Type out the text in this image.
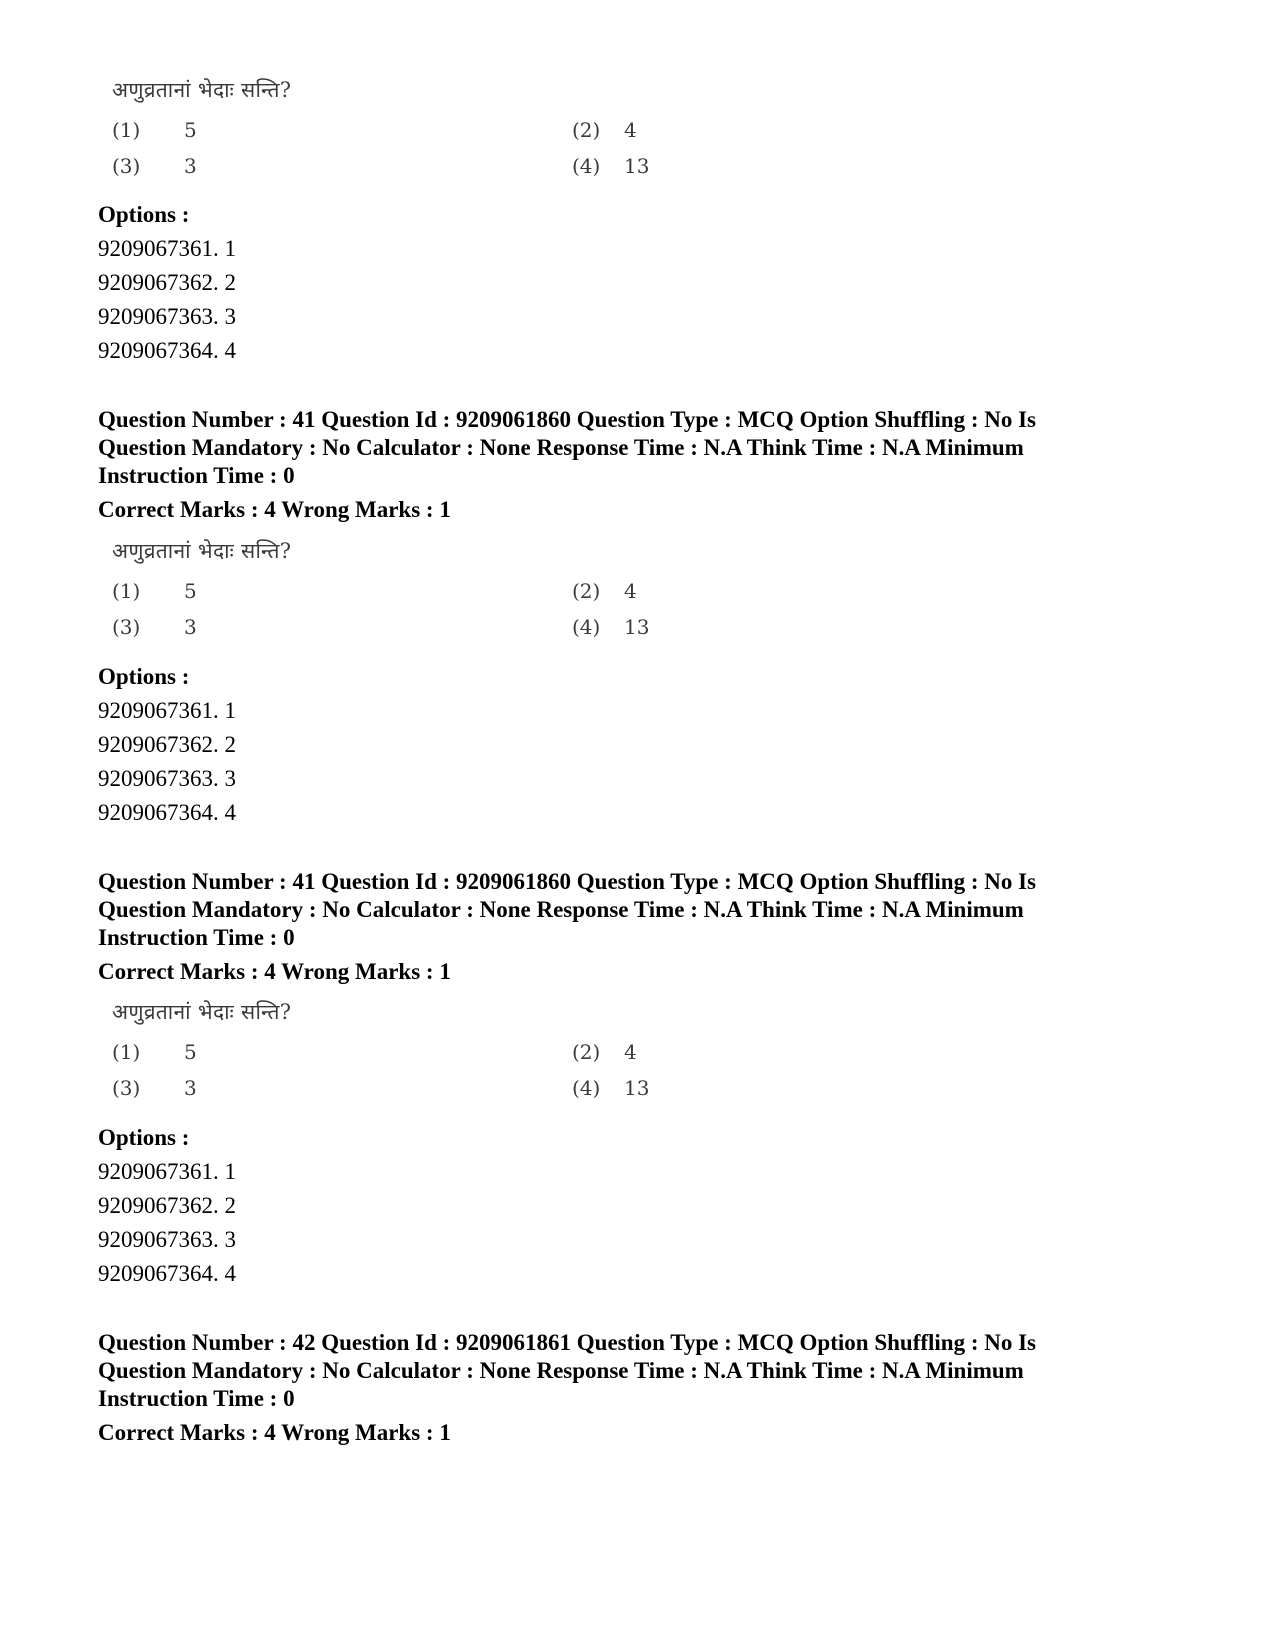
अणुव्रतानां भेदाः सन्ति?
(1) 5	(2) 4
(3) 3	(4) 13
Options :
9209067361. 1
9209067362. 2
9209067363. 3
9209067364. 4
Question Number : 41 Question Id : 9209061860 Question Type : MCQ Option Shuffling : No Is
Question Mandatory : No Calculator : None Response Time : N.A Think Time : N.A Minimum
Instruction Time : 0
Correct Marks : 4 Wrong Marks : 1
अणुव्रतानां भेदाः सन्ति?
(1) 5	(2) 4
(3) 3	(4) 13
Options :
9209067361. 1
9209067362. 2
9209067363. 3
9209067364. 4
Question Number : 41 Question Id : 9209061860 Question Type : MCQ Option Shuffling : No Is
Question Mandatory : No Calculator : None Response Time : N.A Think Time : N.A Minimum
Instruction Time : 0
Correct Marks : 4 Wrong Marks : 1
अणुव्रतानां भेदाः सन्ति?
(1) 5	(2) 4
(3) 3	(4) 13
Options :
9209067361. 1
9209067362. 2
9209067363. 3
9209067364. 4
Question Number : 42 Question Id : 9209061861 Question Type : MCQ Option Shuffling : No Is
Question Mandatory : No Calculator : None Response Time : N.A Think Time : N.A Minimum
Instruction Time : 0
Correct Marks : 4 Wrong Marks : 1
